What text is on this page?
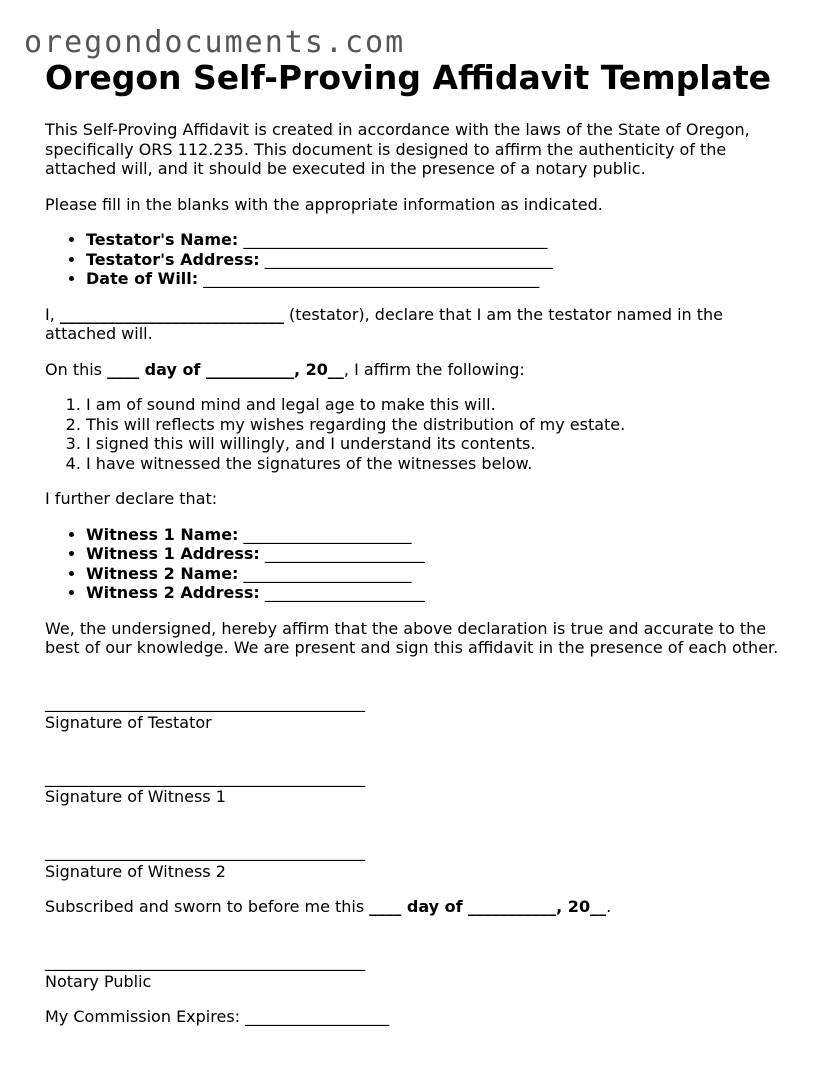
oregondocuments.com
Oregon Self-Proving Affidavit Template

This Self-Proving Affidavit is created in accordance with the laws of the State of Oregon, specifically ORS 112.235. This document is designed to affirm the authenticity of the attached will, and it should be executed in the presence of a notary public.

Please fill in the blanks with the appropriate information as indicated.

• Testator's Name: ______________________________________
• Testator's Address: ____________________________________
• Date of Will: __________________________________________

I, ____________________________ (testator), declare that I am the testator named in the attached will.

On this ____ day of ___________, 20__, I affirm the following:

1. I am of sound mind and legal age to make this will.
2. This will reflects my wishes regarding the distribution of my estate.
3. I signed this will willingly, and I understand its contents.
4. I have witnessed the signatures of the witnesses below.

I further declare that:

• Witness 1 Name: _____________________
• Witness 1 Address: ____________________
• Witness 2 Name: _____________________
• Witness 2 Address: ____________________

We, the undersigned, hereby affirm that the above declaration is true and accurate to the best of our knowledge. We are present and sign this affidavit in the presence of each other.

________________________________________
Signature of Testator
________________________________________
Signature of Witness 1
________________________________________
Signature of Witness 2

Subscribed and sworn to before me this ____ day of ___________, 20__.

________________________________________
Notary Public

My Commission Expires: __________________
